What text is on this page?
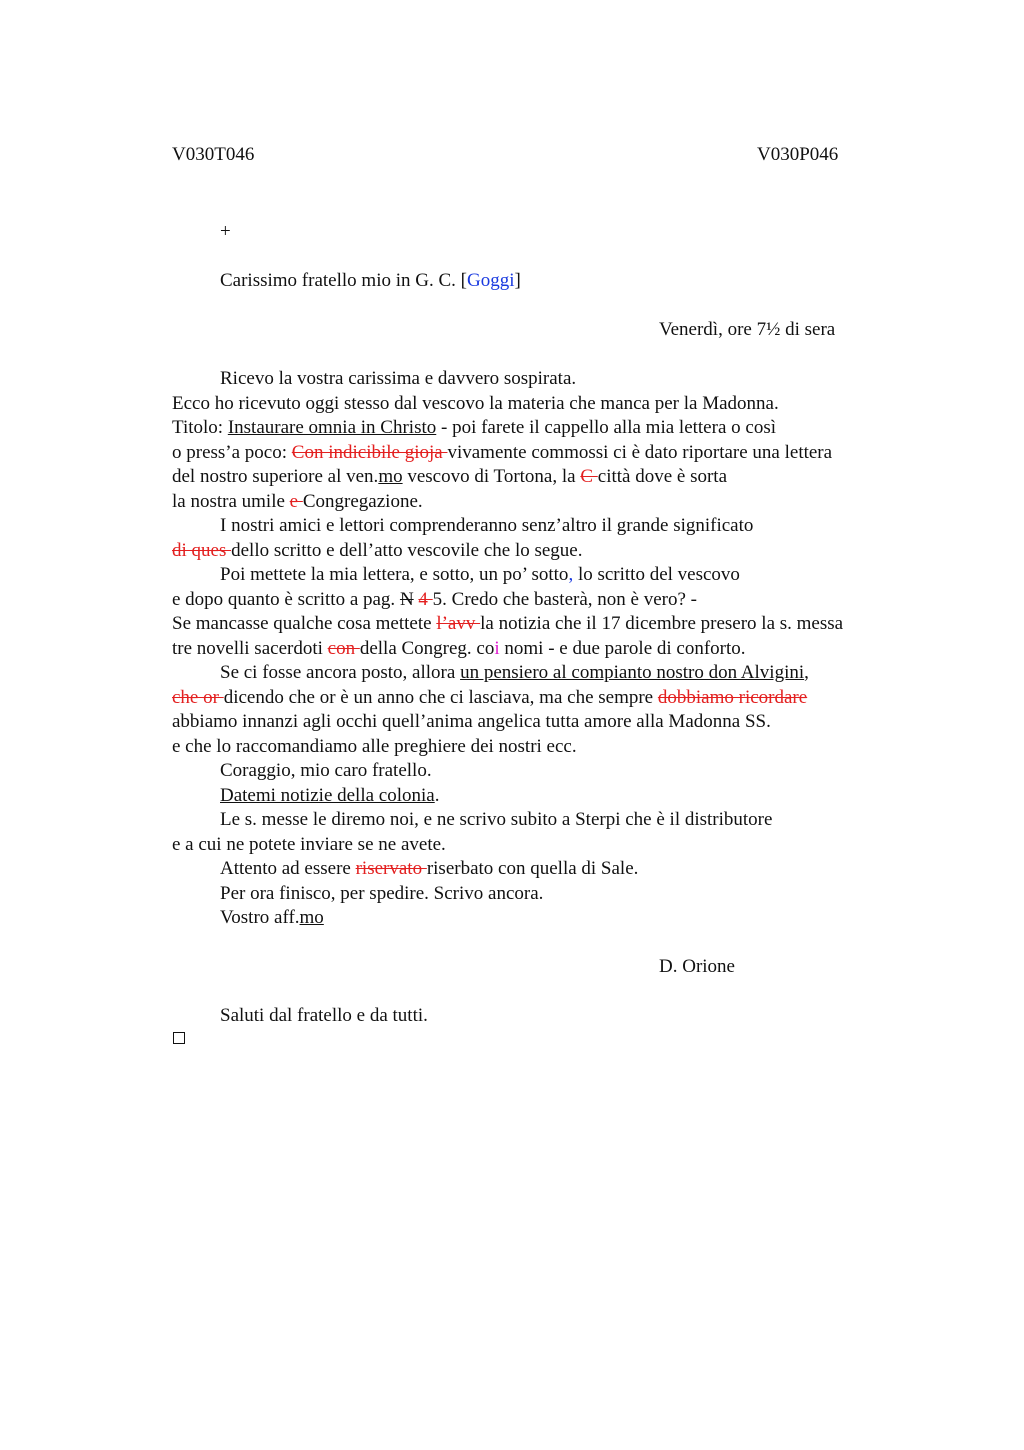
V030T046	V030P046
+
Carissimo fratello mio in G. C. [Goggi]
Venerdì, ore 7½ di sera
Ricevo la vostra carissima e davvero sospirata.
Ecco ho ricevuto oggi stesso dal vescovo la materia che manca per la Madonna.
Titolo: Instaurare omnia in Christo - poi farete il cappello alla mia lettera o così
o press’a poco: Con indicibile gioja vivamente commossi ci è dato riportare una lettera
del nostro superiore al ven.mo vescovo di Tortona, la C città dove è sorta
la nostra umile e Congregazione.
I nostri amici e lettori comprenderanno senz’altro il grande significato
di ques dello scritto e dell’atto vescovile che lo segue.
Poi mettete la mia lettera, e sotto, un po’ sotto, lo scritto del vescovo
e dopo quanto è scritto a pag. N 4 5. Credo che basterà, non è vero? -
Se mancasse qualche cosa mettete l’avv la notizia che il 17 dicembre presero la s. messa
tre novelli sacerdoti con della Congreg. coi nomi - e due parole di conforto.
Se ci fosse ancora posto, allora un pensiero al compianto nostro don Alvigini,
che or dicendo che or è un anno che ci lasciava, ma che sempre dobbiamo ricordare
abbiamo innanzi agli occhi quell’anima angelica tutta amore alla Madonna SS.
e che lo raccomandiamo alle preghiere dei nostri ecc.
Coraggio, mio caro fratello.
Datemi notizie della colonia.
Le s. messe le diremo noi, e ne scrivo subito a Sterpi che è il distributore
e a cui ne potete inviare se ne avete.
Attento ad essere riservato riserbato con quella di Sale.
Per ora finisco, per spedire. Scrivo ancora.
Vostro aff.mo
D. Orione
Saluti dal fratello e da tutti.
